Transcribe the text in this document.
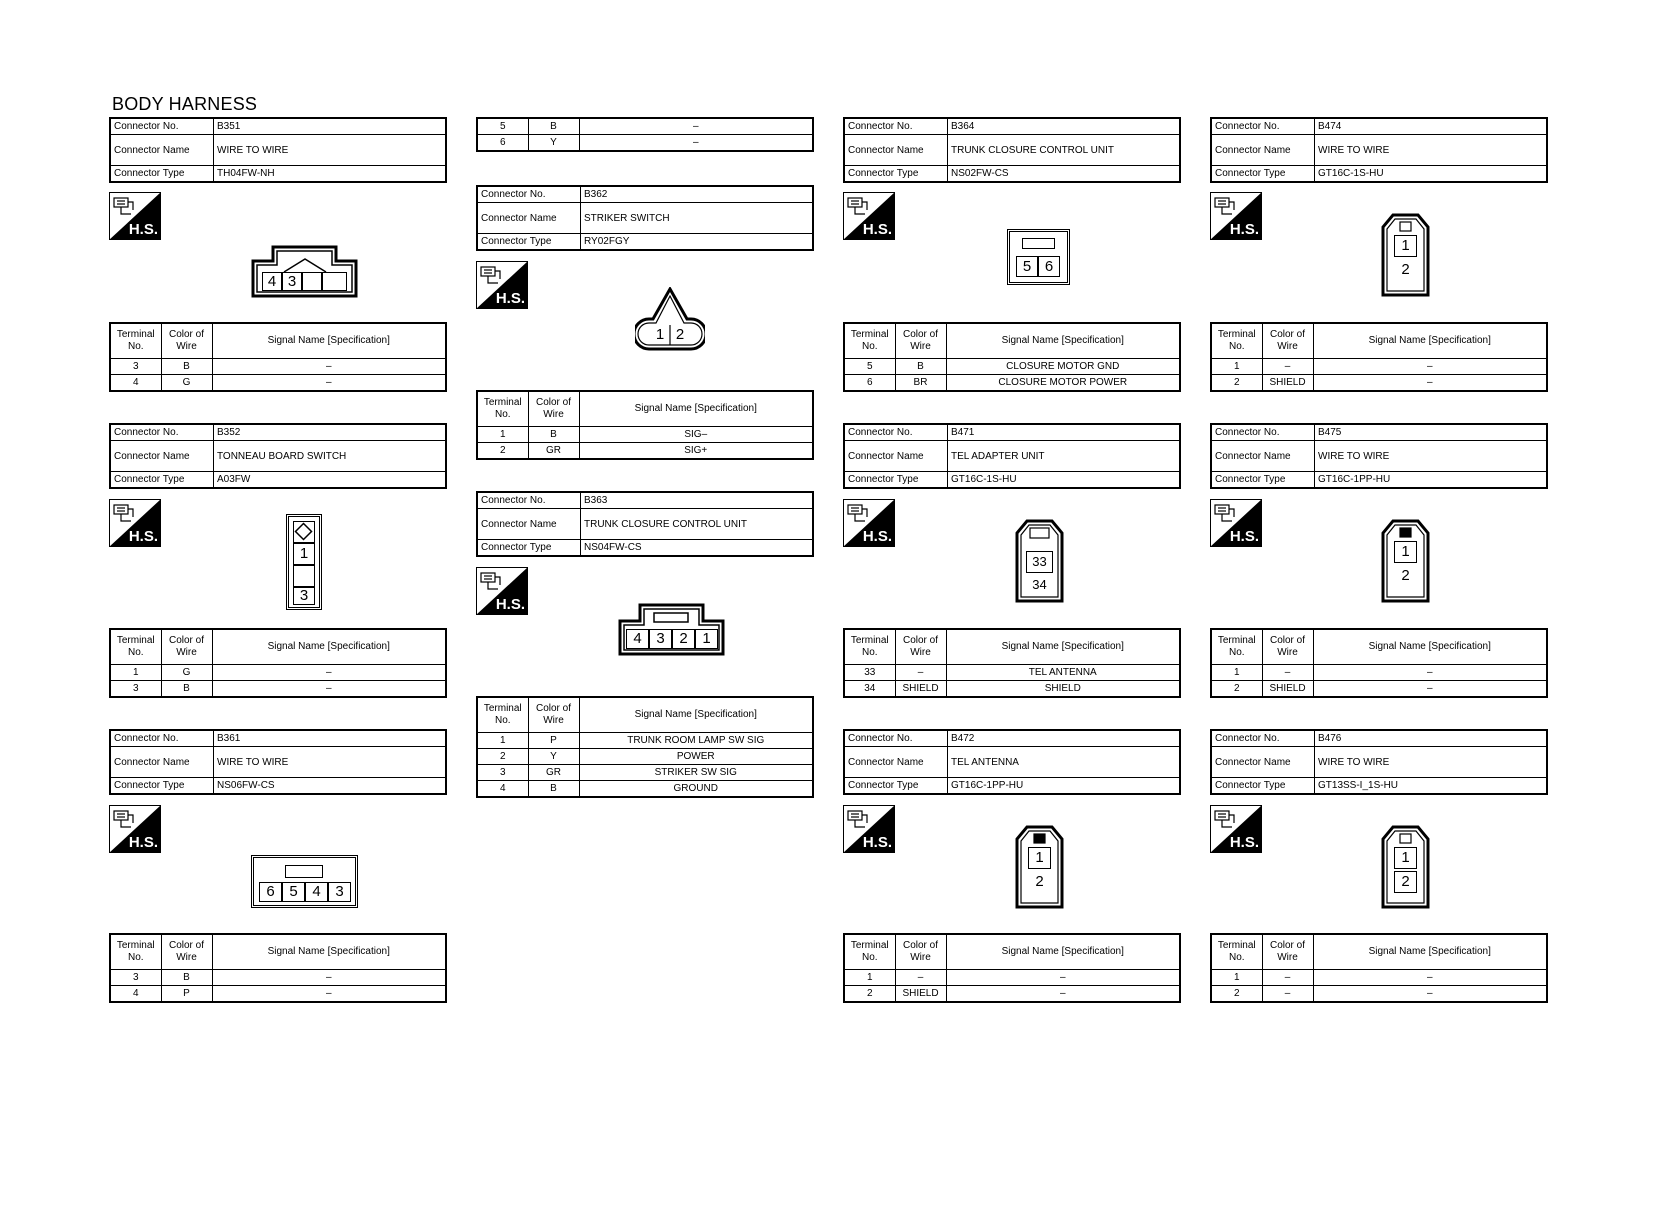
BODY HARNESS
Connector No.	B351
Connector Name	WIRE TO WIRE
Connector Type	TH04FW-NH
H.S.
4 3
Terminal No.	Color of Wire	Signal Name [Specification]
3	B	–
4	G	–
Connector No.	B352
Connector Name	TONNEAU BOARD SWITCH
Connector Type	A03FW
H.S.
1
3
Terminal No.	Color of Wire	Signal Name [Specification]
1	G	–
3	B	–
Connector No.	B361
Connector Name	WIRE TO WIRE
Connector Type	NS06FW-CS
H.S.
6 5 4 3
Terminal No.	Color of Wire	Signal Name [Specification]
3	B	–
4	P	–
5	B	–
6	Y	–
Connector No.	B362
Connector Name	STRIKER SWITCH
Connector Type	RY02FGY
H.S.
1 2
Terminal No.	Color of Wire	Signal Name [Specification]
1	B	SIG–
2	GR	SIG+
Connector No.	B363
Connector Name	TRUNK CLOSURE CONTROL UNIT
Connector Type	NS04FW-CS
H.S.
4 3 2 1
Terminal No.	Color of Wire	Signal Name [Specification]
1	P	TRUNK ROOM LAMP SW SIG
2	Y	POWER
3	GR	STRIKER SW SIG
4	B	GROUND
Connector No.	B364
Connector Name	TRUNK CLOSURE CONTROL UNIT
Connector Type	NS02FW-CS
H.S.
5 6
Terminal No.	Color of Wire	Signal Name [Specification]
5	B	CLOSURE MOTOR GND
6	BR	CLOSURE MOTOR POWER
Connector No.	B471
Connector Name	TEL ADAPTER UNIT
Connector Type	GT16C-1S-HU
H.S.
33
34
Terminal No.	Color of Wire	Signal Name [Specification]
33	–	TEL ANTENNA
34	SHIELD	SHIELD
Connector No.	B472
Connector Name	TEL ANTENNA
Connector Type	GT16C-1PP-HU
H.S.
1
2
Terminal No.	Color of Wire	Signal Name [Specification]
1	–	–
2	SHIELD	–
Connector No.	B474
Connector Name	WIRE TO WIRE
Connector Type	GT16C-1S-HU
H.S.
1
2
Terminal No.	Color of Wire	Signal Name [Specification]
1	–	–
2	SHIELD	–
Connector No.	B475
Connector Name	WIRE TO WIRE
Connector Type	GT16C-1PP-HU
H.S.
1
2
Terminal No.	Color of Wire	Signal Name [Specification]
1	–	–
2	SHIELD	–
Connector No.	B476
Connector Name	WIRE TO WIRE
Connector Type	GT13SS-I_1S-HU
H.S.
1
2
Terminal No.	Color of Wire	Signal Name [Specification]
1	–	–
2	–	–
